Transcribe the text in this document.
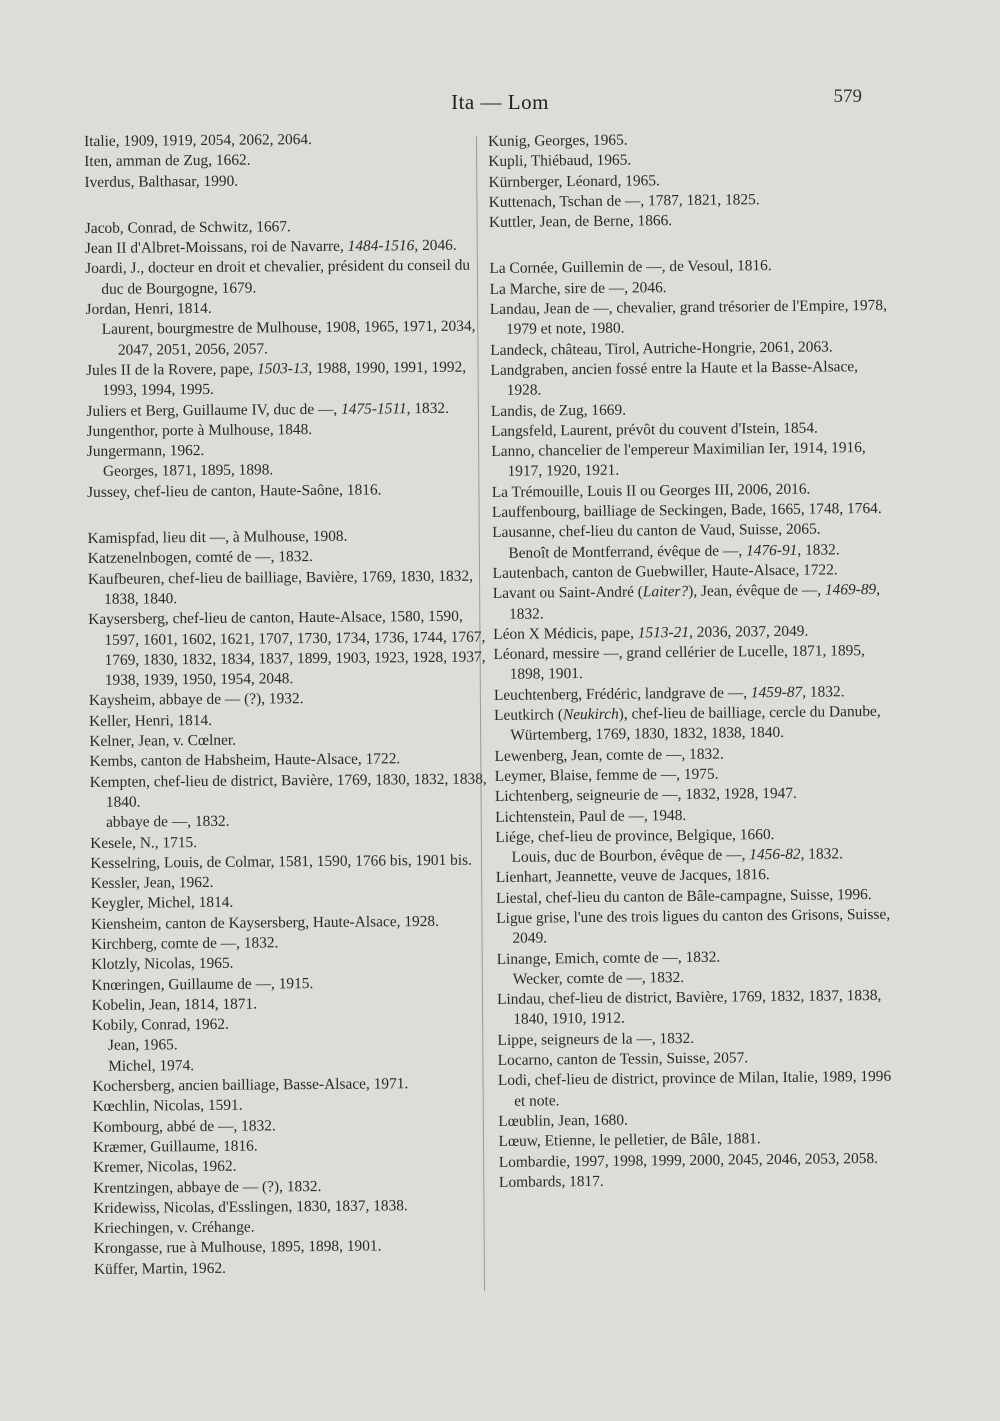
Ita — Lom	579

Italie, 1909, 1919, 2054, 2062, 2064.

Iten, amman de Zug, 1662.

Iverdus, Balthasar, 1990.

Jacob, Conrad, de Schwitz, 1667.

Jean II d'Albret-Moissans, roi de Navarre, 1484-1516, 2046.

Joardi, J., docteur en droit et chevalier, président du conseil du duc de Bourgogne, 1679.

Jordan, Henri, 1814.

Laurent, bourgmestre de Mulhouse, 1908, 1965, 1971, 2034, 2047, 2051, 2056, 2057.

Jules II de la Rovere, pape, 1503-13, 1988, 1990, 1991, 1992, 1993, 1994, 1995.

Juliers et Berg, Guillaume IV, duc de —, 1475-1511, 1832.

Jungenthor, porte à Mulhouse, 1848.

Jungermann, 1962.

Georges, 1871, 1895, 1898.

Jussey, chef-lieu de canton, Haute-Saône, 1816.

Kamispfad, lieu dit —, à Mulhouse, 1908.

Katzenelnbogen, comté de —, 1832.

Kaufbeuren, chef-lieu de bailliage, Bavière, 1769, 1830, 1832, 1838, 1840.

Kaysersberg, chef-lieu de canton, Haute-Alsace, 1580, 1590, 1597, 1601, 1602, 1621, 1707, 1730, 1734, 1736, 1744, 1767, 1769, 1830, 1832, 1834, 1837, 1899, 1903, 1923, 1928, 1937, 1938, 1939, 1950, 1954, 2048.

Kaysheim, abbaye de — (?), 1932.

Keller, Henri, 1814.

Kelner, Jean, v. Cœlner.

Kembs, canton de Habsheim, Haute-Alsace, 1722.

Kempten, chef-lieu de district, Bavière, 1769, 1830, 1832, 1838, 1840.

abbaye de —, 1832.

Kesele, N., 1715.

Kesselring, Louis, de Colmar, 1581, 1590, 1766 bis, 1901 bis.

Kessler, Jean, 1962.

Keygler, Michel, 1814.

Kiensheim, canton de Kaysersberg, Haute-Alsace, 1928.

Kirchberg, comte de —, 1832.

Klotzly, Nicolas, 1965.

Knœringen, Guillaume de —, 1915.

Kobelin, Jean, 1814, 1871.

Kobily, Conrad, 1962.

Jean, 1965.

Michel, 1974.

Kochersberg, ancien bailliage, Basse-Alsace, 1971.

Kœchlin, Nicolas, 1591.

Kombourg, abbé de —, 1832.

Kræmer, Guillaume, 1816.

Kremer, Nicolas, 1962.

Krentzingen, abbaye de — (?), 1832.

Kridewiss, Nicolas, d'Esslingen, 1830, 1837, 1838.

Kriechingen, v. Créhange.

Krongasse, rue à Mulhouse, 1895, 1898, 1901.

Küffer, Martin, 1962.

Kunig, Georges, 1965.

Kupli, Thiébaud, 1965.

Kürnberger, Léonard, 1965.

Kuttenach, Tschan de —, 1787, 1821, 1825.

Kuttler, Jean, de Berne, 1866.

La Cornée, Guillemin de —, de Vesoul, 1816.

La Marche, sire de —, 2046.

Landau, Jean de —, chevalier, grand trésorier de l'Empire, 1978, 1979 et note, 1980.

Landeck, château, Tirol, Autriche-Hongrie, 2061, 2063.

Landgraben, ancien fossé entre la Haute et la Basse-Alsace, 1928.

Landis, de Zug, 1669.

Langsfeld, Laurent, prévôt du couvent d'Istein, 1854.

Lanno, chancelier de l'empereur Maximilian Ier, 1914, 1916, 1917, 1920, 1921.

La Trémouille, Louis II ou Georges III, 2006, 2016.

Lauffenbourg, bailliage de Seckingen, Bade, 1665, 1748, 1764.

Lausanne, chef-lieu du canton de Vaud, Suisse, 2065.

Benoît de Montferrand, évêque de —, 1476-91, 1832.

Lautenbach, canton de Guebwiller, Haute-Alsace, 1722.

Lavant ou Saint-André (Laiter?), Jean, évêque de —, 1469-89, 1832.

Léon X Médicis, pape, 1513-21, 2036, 2037, 2049.

Léonard, messire —, grand cellérier de Lucelle, 1871, 1895, 1898, 1901.

Leuchtenberg, Frédéric, landgrave de —, 1459-87, 1832.

Leutkirch (Neukirch), chef-lieu de bailliage, cercle du Danube, Würtemberg, 1769, 1830, 1832, 1838, 1840.

Lewenberg, Jean, comte de —, 1832.

Leymer, Blaise, femme de —, 1975.

Lichtenberg, seigneurie de —, 1832, 1928, 1947.

Lichtenstein, Paul de —, 1948.

Liége, chef-lieu de province, Belgique, 1660.

Louis, duc de Bourbon, évêque de —, 1456-82, 1832.

Lienhart, Jeannette, veuve de Jacques, 1816.

Liestal, chef-lieu du canton de Bâle-campagne, Suisse, 1996.

Ligue grise, l'une des trois ligues du canton des Grisons, Suisse, 2049.

Linange, Emich, comte de —, 1832.

Wecker, comte de —, 1832.

Lindau, chef-lieu de district, Bavière, 1769, 1832, 1837, 1838, 1840, 1910, 1912.

Lippe, seigneurs de la —, 1832.

Locarno, canton de Tessin, Suisse, 2057.

Lodi, chef-lieu de district, province de Milan, Italie, 1989, 1996 et note.

Lœublin, Jean, 1680.

Lœuw, Etienne, le pelletier, de Bâle, 1881.

Lombardie, 1997, 1998, 1999, 2000, 2045, 2046, 2053, 2058.

Lombards, 1817.
